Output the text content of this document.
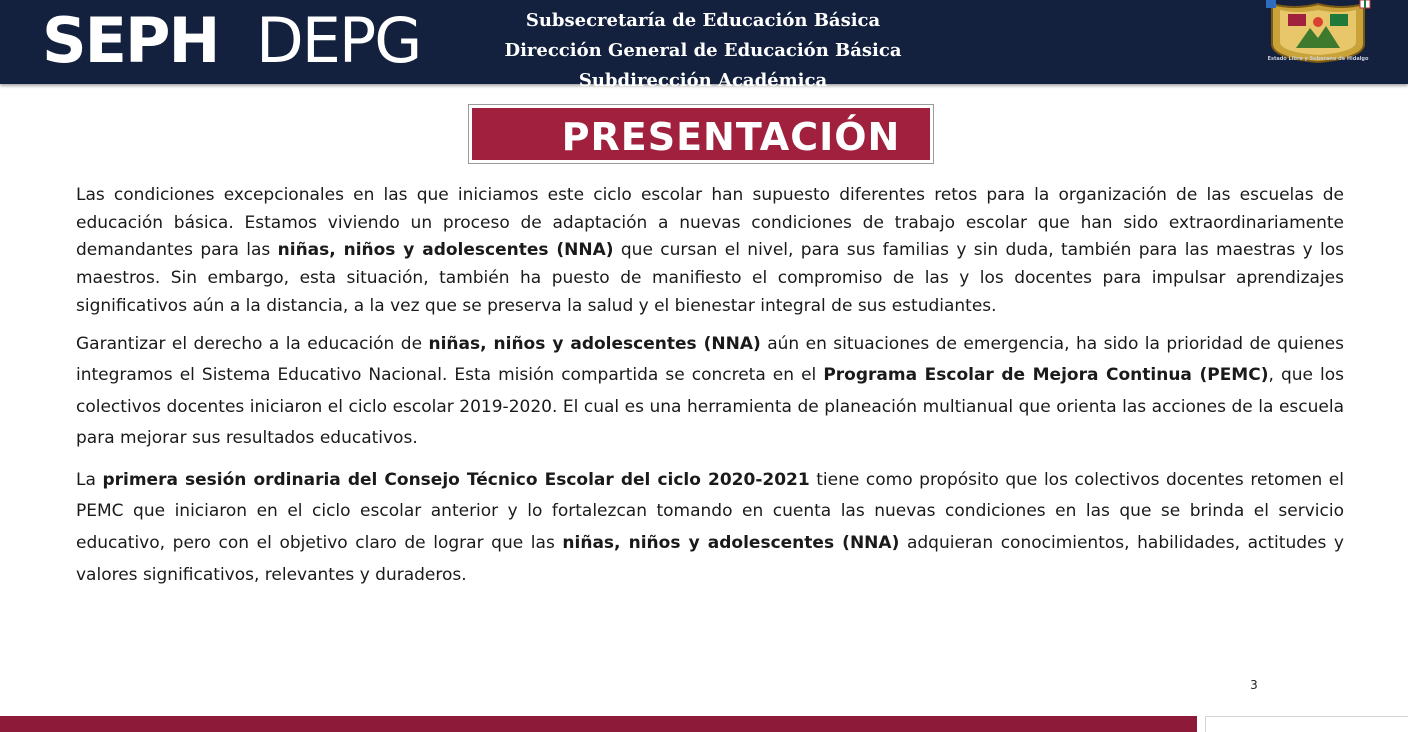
SEPH DEPG	Subsecretaría de Educación Básica
Dirección General de Educación Básica
Subdirección Académica
Estado Libre y Soberano de Hidalgo
PRESENTACIÓN

Las condiciones excepcionales en las que iniciamos este ciclo escolar han supuesto diferentes retos para la organización de las escuelas de educación básica. Estamos viviendo un proceso de adaptación a nuevas condiciones de trabajo escolar que han sido extraordinariamente demandantes para las niñas, niños y adolescentes (NNA) que cursan el nivel, para sus familias y sin duda, también para las maestras y los maestros. Sin embargo, esta situación, también ha puesto de manifiesto el compromiso de las y los docentes para impulsar aprendizajes significativos aún a la distancia, a la vez que se preserva la salud y el bienestar integral de sus estudiantes.

Garantizar el derecho a la educación de niñas, niños y adolescentes (NNA) aún en situaciones de emergencia, ha sido la prioridad de quienes integramos el Sistema Educativo Nacional. Esta misión compartida se concreta en el Programa Escolar de Mejora Continua (PEMC), que los colectivos docentes iniciaron el ciclo escolar 2019-2020. El cual es una herramienta de planeación multianual que orienta las acciones de la escuela para mejorar sus resultados educativos.

La primera sesión ordinaria del Consejo Técnico Escolar del ciclo 2020-2021 tiene como propósito que los colectivos docentes retomen el PEMC que iniciaron en el ciclo escolar anterior y lo fortalezcan tomando en cuenta las nuevas condiciones en las que se brinda el servicio educativo, pero con el objetivo claro de lograr que las niñas, niños y adolescentes (NNA) adquieran conocimientos, habilidades, actitudes y valores significativos, relevantes y duraderos.

3
